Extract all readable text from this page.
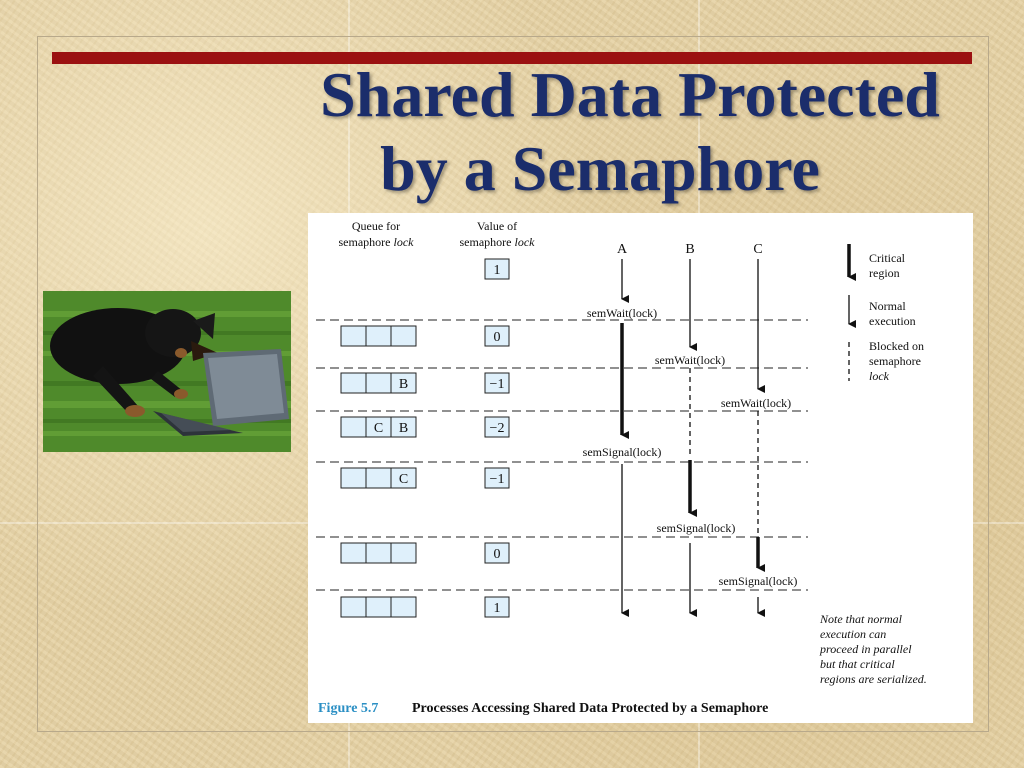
Shared Data Protected
by a Semaphore
Queue for
semaphore lock
Value of
semaphore lock	A	B	C
1
0
B	−1
C B	−2
C	−1
0
1
semWait(lock)
semWait(lock)
semWait(lock)
semSignal(lock)
semSignal(lock)
semSignal(lock)
Critical
region
Normal
execution
Blocked on
semaphore
lock
Note that normal
execution can
proceed in parallel
but that critical
regions are serialized.
Figure 5.7 Processes Accessing Shared Data Protected by a Semaphore
